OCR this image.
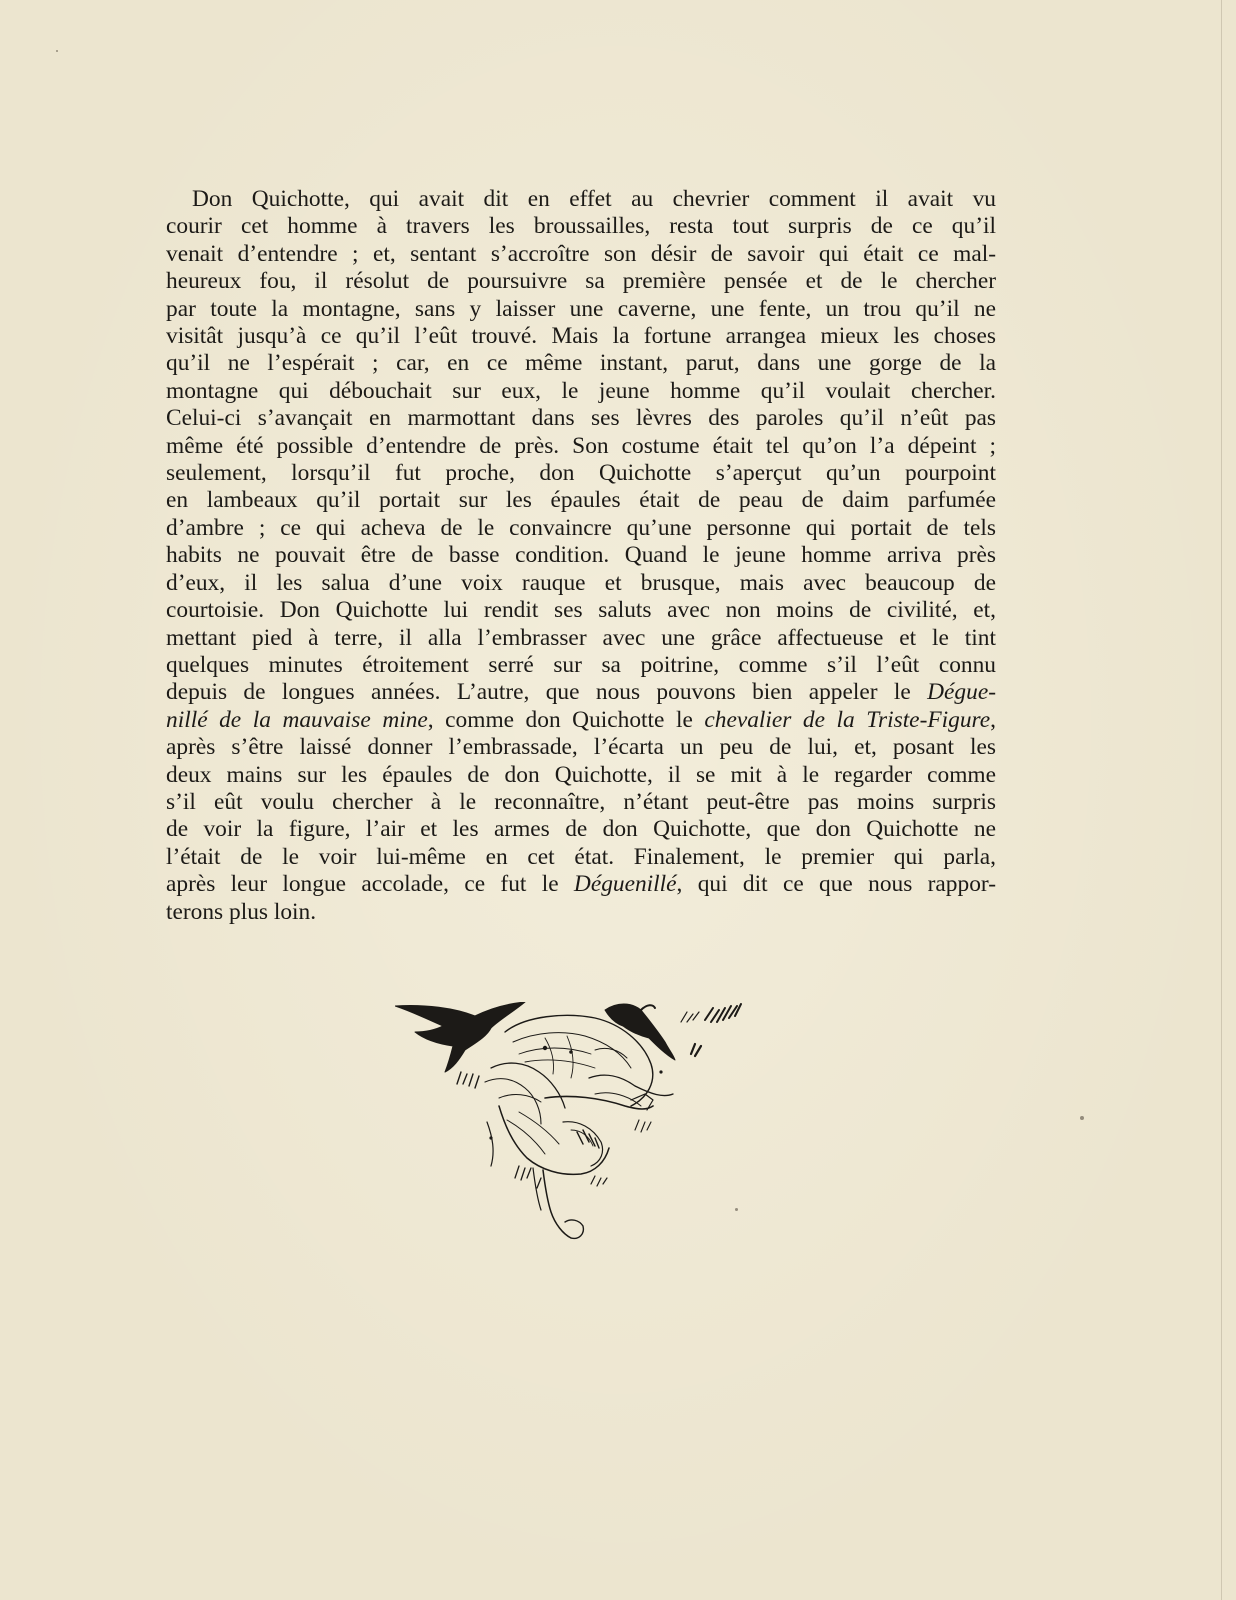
Don Quichotte, qui avait dit en effet au chevrier comment il avait vu
courir cet homme à travers les broussailles, resta tout surpris de ce qu’il
venait d’entendre ; et, sentant s’accroître son désir de savoir qui était ce mal-
heureux fou, il résolut de poursuivre sa première pensée et de le chercher
par toute la montagne, sans y laisser une caverne, une fente, un trou qu’il ne
visitât jusqu’à ce qu’il l’eût trouvé. Mais la fortune arrangea mieux les choses
qu’il ne l’espérait ; car, en ce même instant, parut, dans une gorge de la
montagne qui débouchait sur eux, le jeune homme qu’il voulait chercher.
Celui-ci s’avançait en marmottant dans ses lèvres des paroles qu’il n’eût pas
même été possible d’entendre de près. Son costume était tel qu’on l’a dépeint ;
seulement, lorsqu’il fut proche, don Quichotte s’aperçut qu’un pourpoint
en lambeaux qu’il portait sur les épaules était de peau de daim parfumée
d’ambre ; ce qui acheva de le convaincre qu’une personne qui portait de tels
habits ne pouvait être de basse condition. Quand le jeune homme arriva près
d’eux, il les salua d’une voix rauque et brusque, mais avec beaucoup de
courtoisie. Don Quichotte lui rendit ses saluts avec non moins de civilité, et,
mettant pied à terre, il alla l’embrasser avec une grâce affectueuse et le tint
quelques minutes étroitement serré sur sa poitrine, comme s’il l’eût connu
depuis de longues années. L’autre, que nous pouvons bien appeler le Dégue-
nillé de la mauvaise mine, comme don Quichotte le chevalier de la Triste-Figure,
après s’être laissé donner l’embrassade, l’écarta un peu de lui, et, posant les
deux mains sur les épaules de don Quichotte, il se mit à le regarder comme
s’il eût voulu chercher à le reconnaître, n’étant peut-être pas moins surpris
de voir la figure, l’air et les armes de don Quichotte, que don Quichotte ne
l’était de le voir lui-même en cet état. Finalement, le premier qui parla,
après leur longue accolade, ce fut le Déguenillé, qui dit ce que nous rappor-
terons plus loin.
